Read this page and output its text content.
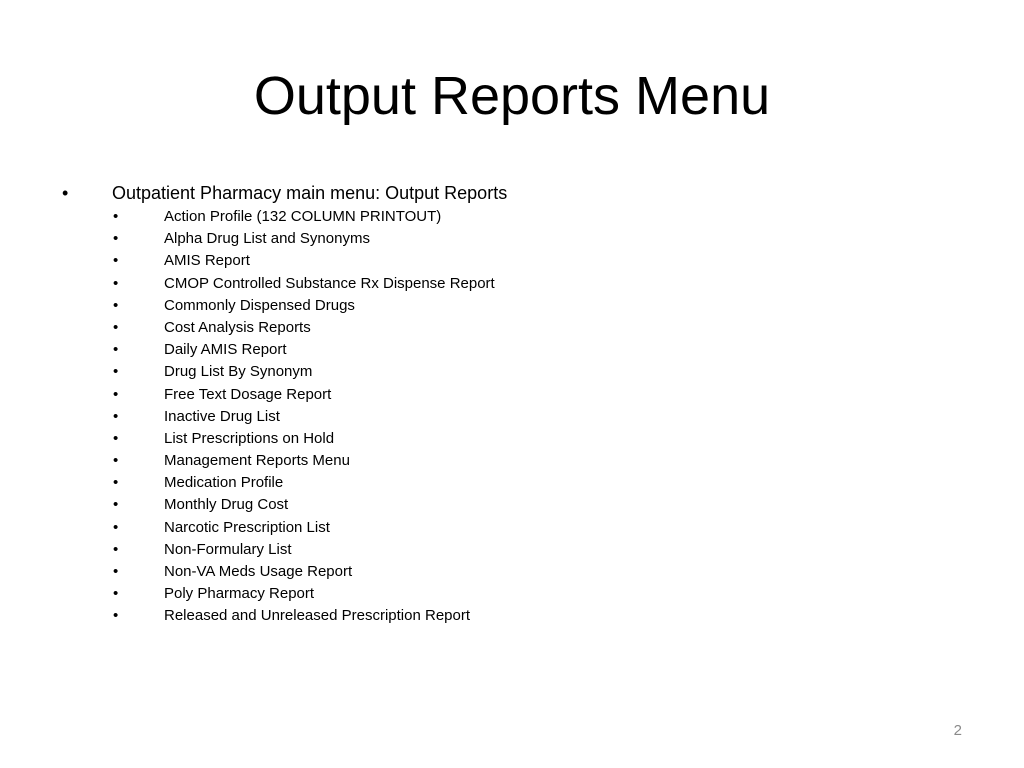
Output Reports Menu
• Outpatient Pharmacy main menu: Output Reports
•	Action Profile (132 COLUMN PRINTOUT)
•	Alpha Drug List and Synonyms
•	AMIS Report
•	CMOP Controlled Substance Rx Dispense Report
•	Commonly Dispensed Drugs
•	Cost Analysis Reports
•	Daily AMIS Report
•	Drug List By Synonym
•	Free Text Dosage Report
•	Inactive Drug List
•	List Prescriptions on Hold
•	Management Reports Menu
•	Medication Profile
•	Monthly Drug Cost
•	Narcotic Prescription List
•	Non-Formulary List
•	Non-VA Meds Usage Report
•	Poly Pharmacy Report
•	Released and Unreleased Prescription Report
2
